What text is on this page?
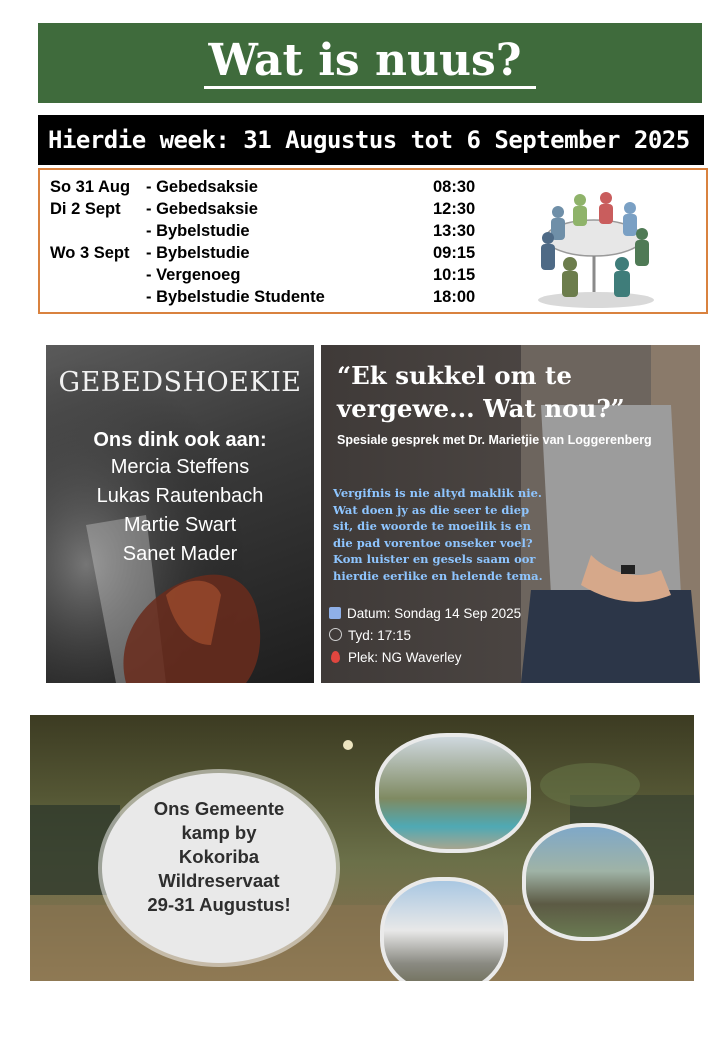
Wat is nuus?
Hierdie week: 31 Augustus tot 6 September 2025
So 31 Aug - Gebedsaksie	08:30
Di 2 Sept	- Gebedsaksie	12:30
- Bybelstudie	13:30
Wo 3 Sept	- Bybelstudie	09:15
- Vergenoeg	10:15
- Bybelstudie Studente	18:00
GEBEDSHOEKIE
Ons dink ook aan:
Mercia Steffens
Lukas Rautenbach
Martie Swart
Sanet Mader
“Ek sukkel om te
vergewe... Wat nou?”
Spesiale gesprek met Dr. Marietjie van Loggerenberg
Vergifnis is nie altyd maklik nie. Wat doen jy as die seer te diep sit, die woorde te moeilik is en die pad vorentoe onseker voel? Kom luister en gesels saam oor hierdie eerlike en helende tema.
Datum: Sondag 14 Sep 2025
Tyd: 17:15
Plek: NG Waverley
Ons Gemeente
kamp by
Kokoriba
Wildreservaat
29-31 Augustus!
